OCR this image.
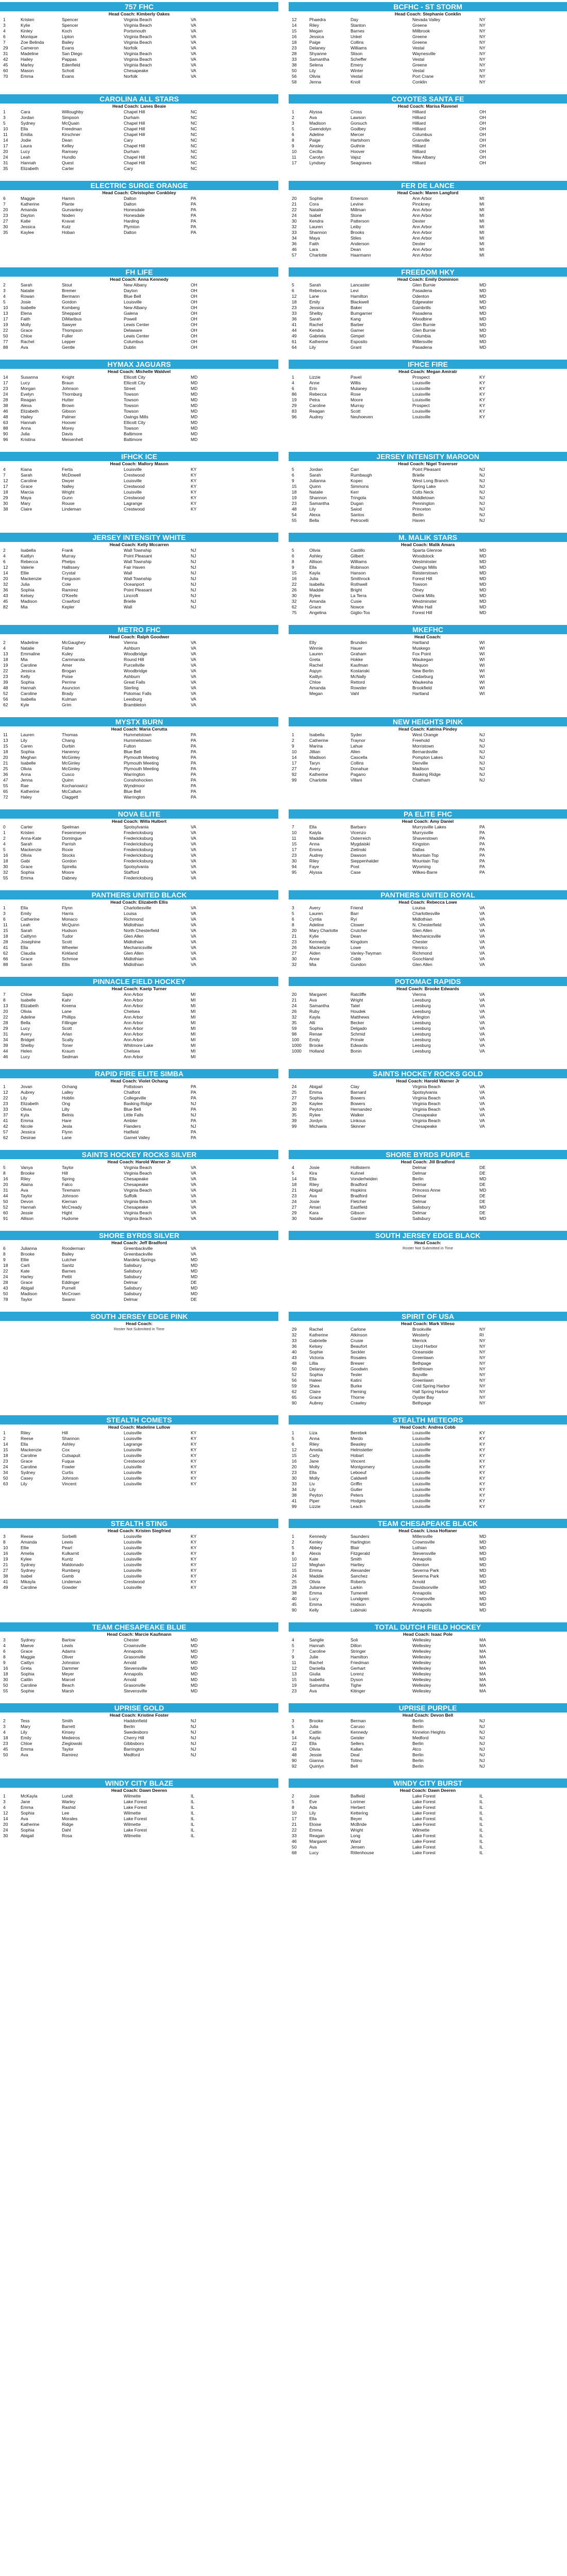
757 FHC
Head Coach: Kimberly Oakes
1	Kristen	Spencer	Virginia Beach	VA
3	Kylie	Spencer	Virginia Beach	VA
4	Kinley	Koch	Portsmouth	VA
6	Monique	Lipton	Virginia Beach	VA
7	Zoe Belinda	Bailey	Virginia Beach	VA
29	Cameron	Evans	Norfolk	VA
31	Madeline	San Diego	Virginia Beach	VA
42	Hailey	Pappas	Virginia Beach	VA
45	Marley	Edenfield	Virginia Beach	VA
60	Mason	Schott	Chesapeake	VA
70	Emma	Evans	Norfolk	VA
BCFHC - ST STORM
Head Coach: Stephanie Conklin
12	Phaedra	Day	Nevada Valley	NY
14	Riley	Stanton	Greene	NY
15	Megan	Barnes	Millbrook	NY
16	Jessica	Unkel	Greene	NY
18	Paige	Collins	Greene	NY
23	Delaney	Williams	Vestal	NY
28	Shyanne	Slison	Waynesville	NY
33	Samantha	Scheffer	Vestal	NY
38	Selena	Emery	Greene	NY
50	Lily	Winter	Vestal	NY
56	Olivia	Vestal	Port Crane	NY
58	Jenna	Knoll	Conklin	NY
CAROLINA ALL STARS
Head Coach: Lanes Beaie
1	Cara	Willoughby	Chapel Hill	NC
3	Jordan	Simpson	Durham	NC
5	Sydney	McQuain	Chapel Hill	NC
10	Ella	Freedman	Chapel Hill	NC
11	Emilia	Kirschner	Chapel Hill	NC
14	Jodie	Dean	Cary	NC
17	Laura	Kelley	Chapel Hill	NC
20	Lucy	Ramsey	Durham	NC
24	Leah	Hundlo	Chapel Hill	NC
31	Hannah	Quest	Chapel Hill	NC
35	Elizabeth	Carter	Cary	NC
COYOTES SANTA FE
Head Coach: Marisa Ravenel
1	Alyssa	Cross	Hilliard	OH
2	Ava	Lawson	Hilliard	OH
3	Madison	Gorsuch	Hilliard	OH
5	Gwendolyn	Godbey	Hilliard	OH
6	Adeline	Mercer	Columbus	OH
8	Paige	Hartshorn	Granville	OH
9	Ainsley	Guthrie	Hilliard	OH
10	Cecilia	Hoover	Hilliard	OH
11	Carolyn	Vajsz	New Albany	OH
17	Lyndsey	Seagraves	Hilliard	OH
ELECTRIC SURGE ORANGE
Head Coach: Christopher Conkbley
6	Maggie	Hamm	Dalton	PA
7	Katherine	Plante	Dalton	PA
20	Amanda	Gurvankey	Honesdale	PA
23	Dayton	Noden	Honesdale	PA
27	Katie	Kravat	Harding	PA
30	Jessica	Kutz	Plymton	PA
35	Kaylee	Hoban	Dalton	PA
FER DE LANCE
Head Coach: Maren Langford
20	Sophie	Emerson	Ann Arbor	MI
21	Cora	Levine	Pinckney	MI
22	Natalie	Millman	Ann Arbor	MI
24	Isabel	Stone	Ann Arbor	MI
30	Kendra	Patterson	Dexter	MI
32	Lauren	Leiby	Ann Arbor	MI
33	Shannon	Brooks	Ann Arbor	MI
34	Maya	Stiles	Ann Arbor	MI
36	Faith	Anderson	Dexter	MI
46	Lara	Dean	Ann Arbor	MI
57	Charlotte	Haarmann	Ann Arbor	MI
FH LIFE
Head Coach: Anna Kennedy
2	Sarah	Stout	New Albany	OH
3	Natalie	Bremer	Dayton	OH
4	Rowan	Bermann	Blue Bell	OH
5	Josie	Gordon	Louisville	OH
10	Isabelle	Komberg	New Albany	OH
13	Elena	Sheppard	Galena	OH
17	Faith	DiMaribus	Powell	OH
19	Molly	Sawyer	Lewis Center	OH
22	Grace	Thompson	Delaware	OH
50	Chloe	Fuller	Lewis Center	OH
77	Rachel	Lepper	Columbus	OH
88	Ava	Gentle	Dublin	OH
FREEDOM HKY
Head Coach: Emily Dominion
5	Sarah	Lancaster	Glen Burnie	MD
6	Rebecca	Levi	Pasadena	MD
12	Lane	Hamilton	Odenton	MD
18	Emily	Blackwell	Edgewater	MD
23	Jessica	Baker	Gambrills	MD
33	Shelby	Bumgarner	Pasadena	MD
36	Sarah	Kang	Woodbine	MD
41	Rachel	Barber	Glen Burnie	MD
44	Kendra	Garner	Glen Burnie	MD
49	Gabriela	Gimpel	Columbia	MD
61	Katherine	Esposito	Millersville	MD
64	Lily	Grant	Pasadena	MD
HYMAX JAGUARS
Head Coach: Michelle Waldvel
14	Susanna	Knight	Ellicott City	MD
17	Lucy	Braun	Ellicott City	MD
23	Morgan	Johnson	Street	MD
24	Evelyn	Thornburg	Towson	MD
28	Reagan	Hutter	Towson	MD
38	Alexa	Brown	Towson	MD
46	Elizabeth	Gibson	Towson	MD
48	Hailey	Palmer	Owings Mills	MD
63	Hannah	Hoover	Ellicott City	MD
88	Anna	Morey	Towson	MD
90	Julia	Davis	Baltimore	MD
96	Kristina	Meisenhelt	Baltimore	MD
IFHCE FIRE
Head Coach: Megan Amiratr
1	Lizzie	Pavel	Prospect	KY
4	Anne	Willis	Louisville	KY
6	Erin	Mulaney	Louisville	KY
86	Rebecca	Rose	Louisville	KY
19	Petra	Moore	Louisville	KY
29	Caroline	Murray	Prospect	KY
83	Reagan	Scott	Louisville	KY
96	Audrey	Neuhoeven	Louisville	KY
IFHCK ICE
Head Coach: Mallory Mason
4	Kiana	Fertis	Louisville	KY
7	Sarah	McDowell	Crestwood	KY
12	Caroline	Dwyer	Louisville	KY
17	Grace	Nalley	Crestwood	KY
18	Marcia	Wright	Louisville	KY
29	Maya	Gunn	Crestwood	KY
30	Mary	Rouse	Lagrange	KY
38	Claire	Lindeman	Crestwood	KY
JERSEY INTENSITY MAROON
Head Coach: Nigel Traverser
5	Jordan	Carr	Point Pleasant	NJ
6	Sarah	Rumbaugh	Brielle	NJ
9	Julianna	Kopec	West Long Branch	NJ
15	Quinn	Simmons	Spring Lake	NJ
18	Natalie	Kerr	Colts Neck	NJ
19	Shannon	Tringola	Middletown	NJ
23	Samantha	Dugan	Pennington	NJ
48	Lily	Saiod	Princeton	NJ
54	Alexa	Santos	Berlin	NJ
55	Bella	Petrocelli	Haven	NJ
JERSEY INTENSITY WHITE
Head Coach: Kelly Mccarren
2	Isabella	Frank	Wall Township	NJ
4	Kaitlyn	Murray	Point Pleasant	NJ
6	Rebecca	Phelps	Wall Township	NJ
12	Valerie	Hallissey	Fair Haven	NJ
14	Ellie	Crystal	Wall	NJ
20	Mackenzie	Ferguson	Wall Township	NJ
32	Julia	Cole	Oceanport	NJ
36	Sophia	Ramirez	Point Pleasant	NJ
43	Kelsey	O'Keefe	Lincroft	NJ
45	Madison	Crawford	Brielle	NJ
82	Mia	Kepler	Wall	NJ
M. MALIK STARS
Head Coach: Malik Amara
5	Olivia	Castillo	Sparta Glenroe	MD
6	Ashley	Gilbert	Woodstock	MD
8	Allison	Williams	Westminster	MD
9	Ella	Robinson	Owings Mills	MD
15	Kayla	Hanson	Reisterstown	MD
16	Julia	Smithrock	Forest Hill	MD
22	Isabella	Rothwell	Towson	MD
26	Maddie	Bright	Olney	MD
30	Rylee	La Terra	Owink Mills	MD
32	Amanda	Cusie	Westminster	MD
62	Grace	Nowce	White Hall	MD
75	Angelina	Giglio-Tos	Forest Hill	MD
METRO FHC
Head Coach: Ralph Goodwer
2	Madeline	McGaughey	Vienna	VA
4	Natalie	Fisher	Ashburn	VA
13	Emmaline	Kuley	Woodbridge	VA
18	Mia	Cammarota	Round Hill	VA
19	Caroline	Amer	Purcellville	VA
22	Jessica	Brogan	Woodbridge	VA
23	Kelly	Poise	Ashburn	VA
39	Sophia	Perrine	Great Falls	VA
48	Hannah	Asuncion	Sterling	VA
52	Caroline	Brady	Potomac Falls	VA
56	Isabella	Kulman	Leesburg	VA
62	Kyle	Grim	Brambleton	VA
MKEFHC
Head Coach:
	Elly	Brunden	Hartland	WI
	Winnie	Hauer	Muskego	WI
	Lauren	Graham	Fox Point	WI
	Greta	Hokke	Waukegan	WI
	Rachel	Kaufman	Mequon	WI
	Aspyn	Kostanski	New Berlin	WI
	Kaitlyn	McNally	Cedarburg	WI
	Chloe	Rettord	Waukesha	WI
	Amanda	Rowster	Brookfield	WI
	Megan	Vahl	Hartland	WI
MYSTX BURN
Head Coach: Maria Cerutta
11	Lauren	Thomas	Hummelstown	PA
13	Lily	Chang	Hummelstown	PA
15	Caren	Durbin	Fulton	PA
18	Sophia	Hanenny	Blue Bell	PA
20	Meghan	McGinley	Plymouth Meeting	PA
21	Isabelle	McGinley	Plymouth Meeting	PA
25	Olivia	McGinley	Plymouth Meeting	PA
36	Anna	Cusco	Warrington	PA
47	Jenna	Quinn	Conshohocken	PA
55	Rae	Kochanowicz	Wyndmoor	PA
65	Katherine	McCallum	Blue Bell	PA
72	Haley	Claggett	Warrington	PA
NEW HEIGHTS PINK
Head Coach: Katrina Pindey
1	Isabella	Syder	West Orange	NJ
2	Catherine	Traynor	Freehold	NJ
9	Marina	Lahue	Morristown	NJ
10	Jillian	Allen	Bernardsville	NJ
14	Madison	Cascella	Pompton Lakes	NJ
17	Taryn	Collins	Denville	NJ
27	Avery	Donahue	Madison	NJ
92	Katherine	Pagano	Basking Ridge	NJ
99	Charlotte	Villani	Chatham	NJ
NOVA ELITE
Head Coach: Willa Hulbert
0	Carter	Spelman	Spotsylvania	VA
1	Kristen	Fesenmeyer	Fredericksburg	VA
2	Anna-Kate	Domingue	Fredericksburg	VA
4	Sarah	Parrish	Fredericksburg	VA
5	Mackenzie	Roxie	Fredericksburg	VA
16	Olivia	Stocks	Fredericksburg	VA
18	Gabi	Gordon	Fredericksburg	VA
30	Grace	Spirella	Spotsylvania	VA
32	Sophia	Moore	Stafford	VA
55	Emma	Dabney	Fredericksburg	VA
PA ELITE FHC
Head Coach: Amy Daniel
7	Ella	Barbaro	Murrysville Lakes	PA
10	Kaiyla	Vicenzo	Murrysville	PA
11	Maddie	Osterreich	Shaverstown	PA
15	Anna	Mygdaiski	Kingston	PA
17	Emma	Zielinski	Dallas	PA
23	Audrey	Dawson	Mountain Top	PA
30	Riley	Sieppenhalder	Mountain Top	PA
94	Faye	Post	Wyoming	PA
95	Alyssa	Case	Wilkes-Barre	PA
PANTHERS UNITED BLACK
Head Coach: Elizabeth Ellis
1	Ella	Flynn	Charlottesville	VA
3	Emily	Harris	Louisa	VA
6	Catherine	Monaco	Richmond	VA
11	Leah	McQuinn	Midlothian	VA
15	Sarah	Hudson	North Chesterfield	VA
18	Caitlynn	Tudor	Glen Allen	VA
28	Josephine	Scott	Midlothian	VA
41	Ella	Wheeler	Mechanicsville	VA
62	Claudia	Kirkland	Glen Allen	VA
66	Grace	Schmoe	Midlothian	VA
88	Sarah	Ellis	Midlothian	VA
PANTHERS UNITED ROYAL
Head Coach: Rebecca Lowe
3	Avery	Friend	Louisa	VA
5	Lauren	Barr	Charlottesville	VA
6	Cyntia	Ryi	Midlothian	VA
8	Adeline	Clower	N. Chesterfield	VA
20	Mary Charlotte	Crutcher	Glen Allen	VA
21	Kylie	Dean	Mechanicsville	VA
23	Kennedy	Kingdom	Chester	VA
26	Mackenzie	Lowe	Henrico	VA
27	Aiden	Vanley-Twyman	Richmond	VA
30	Anne	Cobb	Goochland	VA
32	Mia	Gundon	Glen Allen	VA
PINNACLE FIELD HOCKEY
Head Coach: Kaetp Turner
7	Chloe	Sapio	Ann Arbor	MI
8	Isabelle	Kahr	Ann Arbor	MI
13	Elizabeth	Kreena	Ann Arbor	MI
20	Olivia	Lane	Chelsea	MI
22	Adeline	Phillips	Ann Arbor	MI
28	Bella	Fillinger	Ann Arbor	MI
29	Lucy	Scott	Ann Arbor	MI
31	Avery	Arlan	Ann Arbor	MI
34	Bridget	Scally	Ann Arbor	MI
39	Shelby	Toner	Whitmore Lake	MI
44	Helen	Kraum	Chelsea	MI
46	Lucy	Sedman	Ann Arbor	MI
POTOMAC RAPIDS
Head Coach: Brooke Edwards
20	Margaret	Ratcliffe	Vienna	VA
21	Ava	Wright	Leesburg	VA
24	Samantha	Tatel	Leesburg	VA
26	Ruby	Houdek	Leesburg	VA
32	Kayla	Matthews	Arlington	VA
35	Alli	Becker	Leesburg	VA
59	Sophia	Delgado	Leesburg	VA
98	Renae	Schmid	Leesburg	VA
100	Emily	Prinsle	Leesburg	VA
1000	Brooke	Edwards	Leesburg	VA
1000	Holland	Bonin	Leesburg	VA
RAPID FIRE ELITE SIMBA
Head Coach: Violet Ochang
1	Jovan	Ochang	Pottstown	PA
12	Aubrey	Lalley	Chalfont	PA
22	Lily	Hoblin	Collegeville	PA
23	Elizabeth	Ong	Basking Ridge	NJ
33	Olivia	Lilly	Blue Bell	PA
37	Kyla	Belnis	Little Falls	NJ
41	Emma	Hare	Ambler	PA
42	Nicole	Jesla	Flanders	NJ
57	Jessica	Flynn	Hatfield	PA
62	Desirae	Lane	Garnet Valley	PA
SAINTS HOCKEY ROCKS GOLD
Head Coach: Harold Warner Jr
24	Abigail	Clay	Virginia Beach	VA
25	Emma	Barnard	Spotsylvania	VA
27	Sophia	Bowers	Virginia Beach	VA
29	Kaylee	Bowers	Virginia Beach	VA
30	Peyton	Hernandez	Virginia Beach	VA
35	Rylee	Walker	Chesapeake	VA
39	Jordyn	Linkous	Virginia Beach	VA
99	Michaela	Skinner	Chesapeake	VA
SAINTS HOCKEY ROCKS SILVER
Head Coach: Harold Warner Jr
5	Vanya	Taylor	Virginia Beach	VA
8	Brooke	Hill	Virginia Beach	VA
16	Riley	Spring	Chesapeake	VA
20	Alaina	Falco	Chesapeake	VA
31	Ava	Tiremann	Virginia Beach	VA
44	Taylor	Johnson	Suffolk	VA
50	Devon	Kiernan	Virginia Beach	VA
52	Hannah	McCready	Chesapeake	VA
60	Jessie	Hight	Virginia Beach	VA
91	Allison	Hudome	Virginia Beach	VA
SHORE BYRDS PURPLE
Head Coach: Jill Bradford
4	Josie	Hollisterm	Delmar	DE
5	Kira	Kuhnel	Delmar	DE
14	Ella	Vonderheiden	Berlin	MD
18	Riley	Bradford	Delmar	DE
21	Abigail	Hopkins	Princess Anne	MD
23	Ava	Bradford	Delmar	DE
24	Josie	Fletcher	Delmar	DE
27	Amari	Eastfield	Salisbury	MD
29	Kara	Gibson	Delmar	DE
30	Natalie	Gardner	Salisbury	MD
SHORE BYRDS SILVER
Head Coach: Jeff Bradford
6	Julianna	Rooderman	Greenbackville	VA
8	Brooke	Bailey	Greenbackville	VA
9	Ellie	Lutcher	Mardela Springs	MD
18	Carli	Sanitz	Salisbury	MD
22	Kate	Barnes	Salisbury	MD
24	Harley	Pettit	Salisbury	MD
28	Grace	Eddinger	Delmar	DE
43	Abigail	Purnell	Salisbury	MD
50	Madison	McCrown	Salisbury	MD
78	Taylor	Swann	Delmar	DE
SOUTH JERSEY EDGE BLACK
Head Coach:
Roster Not Submitted in Time
SOUTH JERSEY EDGE PINK
Head Coach:
Roster Not Submitted in Time
SPIRIT OF USA
Head Coach: Mark Villeso
29	Rachel	Carlone	Brookville	NY
32	Katherine	Atkinson	Westerly	RI
33	Gabrielle	Crusie	Merrick	NY
36	Kelsey	Beaufort	Lloyd Harbor	NY
40	Sophie	Seckler	Oceanside	NY
43	Victoria	Rosales	Greenlawn	NY
48	Lillia	Brewer	Bethpage	NY
50	Delaney	Goodwin	Smithtown	NY
52	Sophia	Tesler	Bayville	NY
56	Haleei	Katini	Greenlawn	NY
59	Shea	Burke	Cold Spring Harbor	NY
62	Claire	Fleming	Hall Spring Harbor	NY
65	Grace	Thorne	Oyster Bay	NY
90	Aubrey	Crawley	Bethpage	NY
STEALTH COMETS
Head Coach: Madeline Lullow
1	Riley	Hill	Louisville	KY
2	Reese	Shannon	Louisville	KY
14	Ella	Ashley	Lagrange	KY
15	Mackenzie	Cox	Louisville	KY
18	Caroline	Cutsapuit	Louisville	KY
23	Grace	Fuqua	Crestwood	KY
24	Caroline	Fowler	Louisville	KY
34	Sydney	Curtis	Louisville	KY
50	Casey	Johnson	Louisville	KY
63	Lily	Vincent	Louisville	KY
STEALTH METEORS
Head Coach: Andrea Cobb
1	Liza	Berebek	Louisville	KY
5	Anna	Merdo	Louisville	KY
6	Riley	Beasley	Louisville	KY
12	Amelia	Helmstetter	Louisville	KY
15	Carly	Hobart	Louisville	KY
16	Jane	Vincent	Louisville	KY
20	Molly	Montgomery	Louisville	KY
23	Ella	Leboeuf	Louisville	KY
30	Molly	Caldwell	Louisville	KY
33	Liv	Griffin	Louisville	KY
34	Lily	Gutler	Louisville	KY
38	Peyton	Peters	Louisville	KY
41	Piper	Hodges	Louisville	KY
99	Lizzie	Leach	Louisville	KY
STEALTH STING
Head Coach: Kristen Siegfried
3	Reese	Sorbelli	Louisville	KY
8	Amanda	Lewis	Louisville	KY
10	Ellie	Pearl	Louisville	KY
16	Amelia	Kulkarnit	Louisville	KY
19	Kylee	Kuntz	Louisville	KY
21	Sydney	Maldonado	Louisville	KY
27	Sydney	Rumberg	Louisville	KY
38	Isabel	Gamb	Louisville	KY
41	Mikayla	Lindeman	Crestwood	KY
49	Caroline	Gowder	Louisville	KY
TEAM CHESAPEAKE BLACK
Head Coach: Lissa Hoftaner
1	Kennedy	Saunders	Millersville	MD
2	Kenley	Harlington	Crownsville	MD
5	Abbey	Blair	Lothian	MD
8	Alexis	Fitzgerald	Stevensville	MD
10	Kate	Smith	Annapolis	MD
12	Meghan	Hartley	Odenton	MD
15	Emma	Alexander	Severna Park	MD
24	Maddie	Sanchez	Severna Park	MD
25	Olivia	Roberts	Arnold	MD
28	Julianne	Larkin	Davidsonville	MD
38	Emma	Tumerell	Annapolis	MD
40	Lucy	Lundgren	Crownsville	MD
45	Emma	Hodson	Annapolis	MD
90	Kelly	Lubinski	Annapolis	MD
TEAM CHESAPEAKE BLUE
Head Coach: Marcie Kaufmann
3	Sydney	Barlow	Chester	MD
4	Maeve	Lewis	Crownsville	MD
6	Grace	Adams	Annapolis	MD
8	Maggie	Oliver	Grasonville	MD
9	Caitlyn	Johnston	Arnold	MD
16	Greta	Dammer	Stevensville	MD
18	Sophia	Meyer	Annapolis	MD
30	Caitlin	Marcel	Arnold	MD
50	Caroline	Beach	Grasonville	MD
55	Sophie	Marsh	Stevensville	MD
TOTAL DUTCH FIELD HOCKEY
Head Coach: Isaac Pole
4	Sangile	Soli	Wellesley	MA
5	Hannah	Dillon	Wellesley	MA
7	Caroline	Stringer	Wellesley	MA
9	Julie	Hamilton	Wellesley	MA
11	Rachel	Friedman	Wellesley	MA
12	Daniella	Gerhart	Wellesley	MA
13	Giulia	Lorenz	Wellesley	MA
15	Isabella	Dyson	Wellesley	MA
19	Samantha	Tighe	Wellesley	MA
23	Ava	Kitinger	Wellesley	MA
UPRISE GOLD
Head Coach: Kristine Foster
2	Tess	Smith	Haddonfield	NJ
3	Mary	Barrett	Berlin	NJ
4	Lily	Kinsey	Swedesboro	NJ
18	Emily	Medeiros	Cherry Hill	NJ
23	Chloe	Zieglowski	Gibbsboro	NJ
45	Emma	Taylor	Barrington	NJ
50	Ava	Ramirez	Medford	NJ
UPRISE PURPLE
Head Coach: Devon Bell
3	Brooke	Berman	Berlin	NJ
5	Julia	Caruso	Berlin	NJ
8	Caitlin	Kennedy	Kinnelon Heights	NJ
14	Kayla	Geisler	Medford	NJ
22	Ella	Sellers	Berlin	NJ
43	Olivia	Kallan	Atco	NJ
48	Jessie	Deal	Berlin	NJ
90	Gianna	Totino	Berlin	NJ
92	Quinlyn	Bell	Berlin	NJ
WINDY CITY BLAZE
Head Coach: Dawn Deeren
1	McKayla	Lundt	Wilmette	IL
3	Jane	Warley	Lake Forest	IL
4	Emma	Rashid	Lake Forest	IL
12	Sophia	Lee	Wilmette	IL
14	Ava	Morales	Lake Forest	IL
20	Katherine	Ridge	Wilmette	IL
24	Sophia	Dahl	Lake Forest	IL
30	Abigail	Rosa	Wilmette	IL
WINDY CITY BURST
Head Coach: Dawn Deeren
2	Josie	Balfield	Lake Forest	IL
5	Eve	Lorimer	Lake Forest	IL
8	Ada	Herbert	Lake Forest	IL
10	Lily	Kettering	Lake Forest	IL
17	Ella	Beyer	Lake Forest	IL
21	Eloise	McBride	Lake Forest	IL
22	Emma	Wright	Wilmette	IL
33	Reagan	Long	Lake Forest	IL
46	Margaret	Ward	Lake Forest	IL
50	Ava	Jensen	Lake Forest	IL
68	Lucy	Rittenhouse	Lake Forest	IL
